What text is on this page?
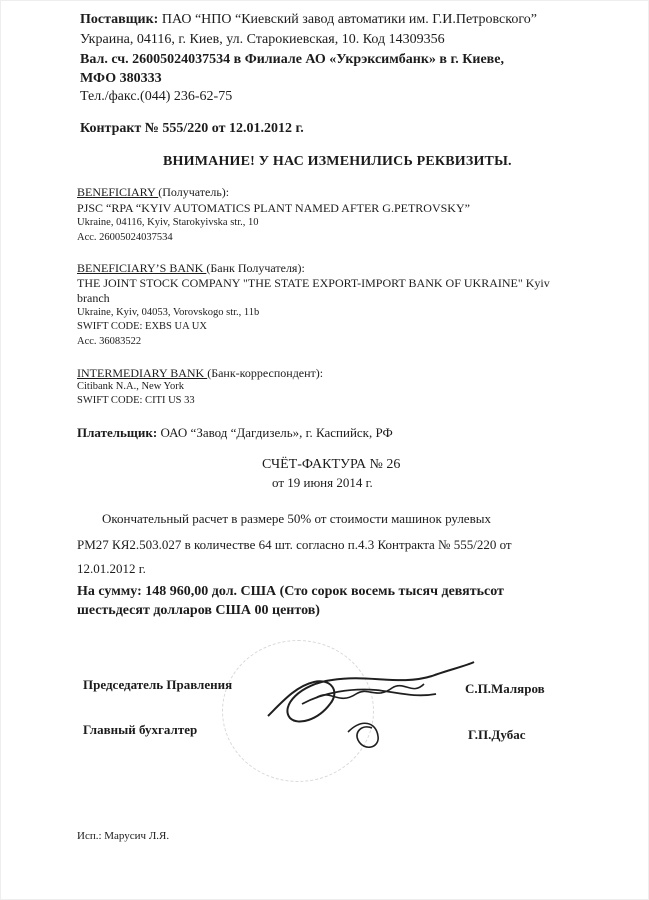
Поставщик: ПАО “НПО “Киевский завод автоматики им. Г.И.Петровского”
Украина, 04116, г. Киев, ул. Старокиевская, 10. Код 14309356
Вал. сч. 26005024037534 в Филиале АО «Укрэксимбанк» в г. Киеве,
МФО 380333
Тел./факс.(044) 236-62-75
Контракт № 555/220 от 12.01.2012 г.
ВНИМАНИЕ! У НАС ИЗМЕНИЛИСЬ РЕКВИЗИТЫ.
BENEFICIARY (Получатель):
PJSC “RPA “KYIV AUTOMATICS PLANT NAMED AFTER G.PETROVSKY”
Ukraine, 04116, Kyiv, Starokyivska str., 10
Acc. 26005024037534
BENEFICIARY’S BANK (Банк Получателя):
THE JOINT STOCK COMPANY "THE STATE EXPORT-IMPORT BANK OF UKRAINE" Kyiv
branch
Ukraine, Kyiv, 04053, Vorovskogo str., 11b
SWIFT CODE: EXBS UA UX
Acc. 36083522
INTERMEDIARY BANK (Банк-корреспондент):
Citibank N.A., New York
SWIFT CODE: CITI US 33
Плательщик: ОАО “Завод “Дагдизель», г. Каспийск, РФ
СЧЁТ-ФАКТУРА № 26
от 19 июня 2014 г.
Окончательный расчет в размере 50% от стоимости машинок рулевых
РМ27 КЯ2.503.027 в количестве 64 шт. согласно п.4.3 Контракта № 555/220 от
12.01.2012 г.
На сумму: 148 960,00 дол. США (Сто сорок восемь тысяч девятьсот
шестьдесят долларов США 00 центов)
Председатель Правления	С.П.Маляров
Главный бухгалтер	Г.П.Дубас
Исп.: Марусич Л.Я.
